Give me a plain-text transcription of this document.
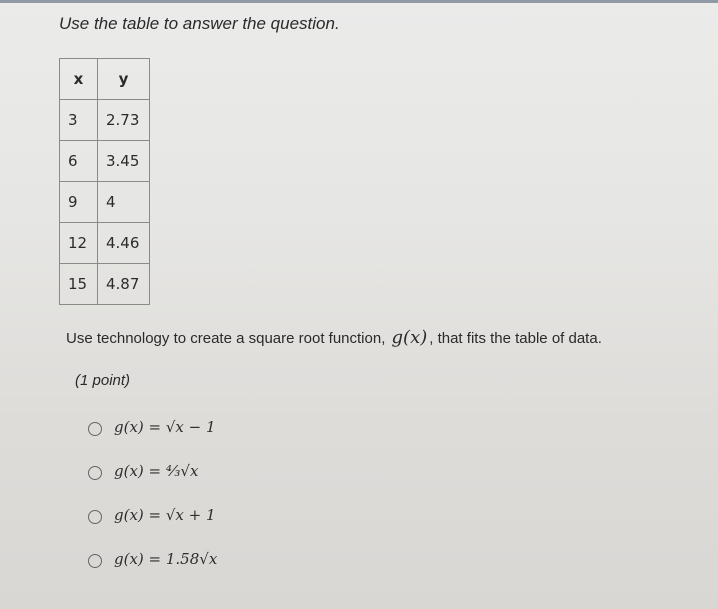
Use the table to answer the question.
x	y
3	2.73
6	3.45
9	4
12	4.46
15	4.87
Use technology to create a square root function, g(x) , that fits the table of data.
(1 point)
g(x) = √x − 1
g(x) = ⁴⁄₃√x
g(x) = √x + 1
g(x) = 1.58√x
